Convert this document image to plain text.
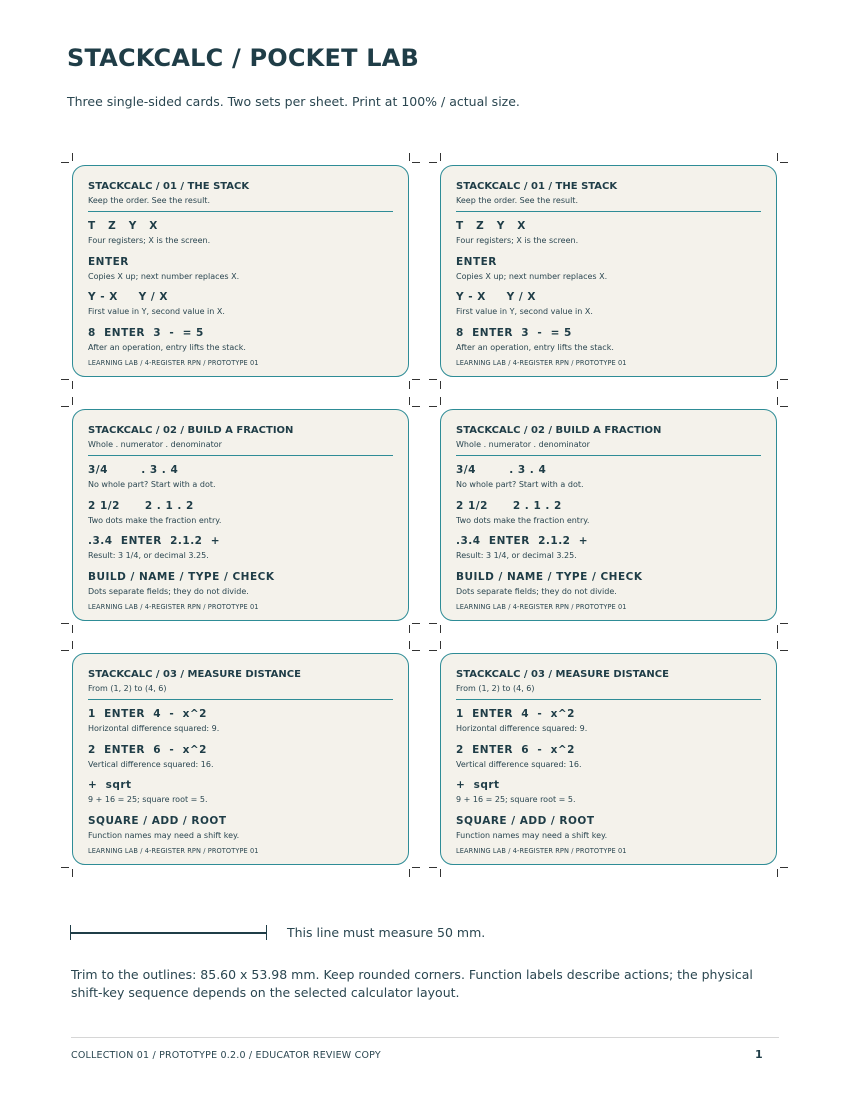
STACKCALC / POCKET LAB

Three single-sided cards. Two sets per sheet. Print at 100% / actual size.

STACKCALC / 01 / THE STACK
Keep the order. See the result.
T   Z   Y   X
Four registers; X is the screen.
ENTER
Copies X up; next number replaces X.
Y - X     Y / X
First value in Y, second value in X.
8  ENTER  3  -  = 5
After an operation, entry lifts the stack.
LEARNING LAB / 4-REGISTER RPN / PROTOTYPE 01
STACKCALC / 01 / THE STACK
Keep the order. See the result.
T   Z   Y   X
Four registers; X is the screen.
ENTER
Copies X up; next number replaces X.
Y - X     Y / X
First value in Y, second value in X.
8  ENTER  3  -  = 5
After an operation, entry lifts the stack.
LEARNING LAB / 4-REGISTER RPN / PROTOTYPE 01
STACKCALC / 02 / BUILD A FRACTION
Whole . numerator . denominator
3/4        . 3 . 4
No whole part? Start with a dot.
2 1/2      2 . 1 . 2
Two dots make the fraction entry.
.3.4  ENTER  2.1.2  +
Result: 3 1/4, or decimal 3.25.
BUILD / NAME / TYPE / CHECK
Dots separate fields; they do not divide.
LEARNING LAB / 4-REGISTER RPN / PROTOTYPE 01
STACKCALC / 02 / BUILD A FRACTION
Whole . numerator . denominator
3/4        . 3 . 4
No whole part? Start with a dot.
2 1/2      2 . 1 . 2
Two dots make the fraction entry.
.3.4  ENTER  2.1.2  +
Result: 3 1/4, or decimal 3.25.
BUILD / NAME / TYPE / CHECK
Dots separate fields; they do not divide.
LEARNING LAB / 4-REGISTER RPN / PROTOTYPE 01
STACKCALC / 03 / MEASURE DISTANCE
From (1, 2) to (4, 6)
1  ENTER  4  -  x^2
Horizontal difference squared: 9.
2  ENTER  6  -  x^2
Vertical difference squared: 16.
+  sqrt
9 + 16 = 25; square root = 5.
SQUARE / ADD / ROOT
Function names may need a shift key.
LEARNING LAB / 4-REGISTER RPN / PROTOTYPE 01
STACKCALC / 03 / MEASURE DISTANCE
From (1, 2) to (4, 6)
1  ENTER  4  -  x^2
Horizontal difference squared: 9.
2  ENTER  6  -  x^2
Vertical difference squared: 16.
+  sqrt
9 + 16 = 25; square root = 5.
SQUARE / ADD / ROOT
Function names may need a shift key.
LEARNING LAB / 4-REGISTER RPN / PROTOTYPE 01
This line must measure 50 mm.

Trim to the outlines: 85.60 x 53.98 mm. Keep rounded corners. Function labels describe actions; the physical shift-key sequence depends on the selected calculator layout.

COLLECTION 01 / PROTOTYPE 0.2.0 / EDUCATOR REVIEW COPY	1
